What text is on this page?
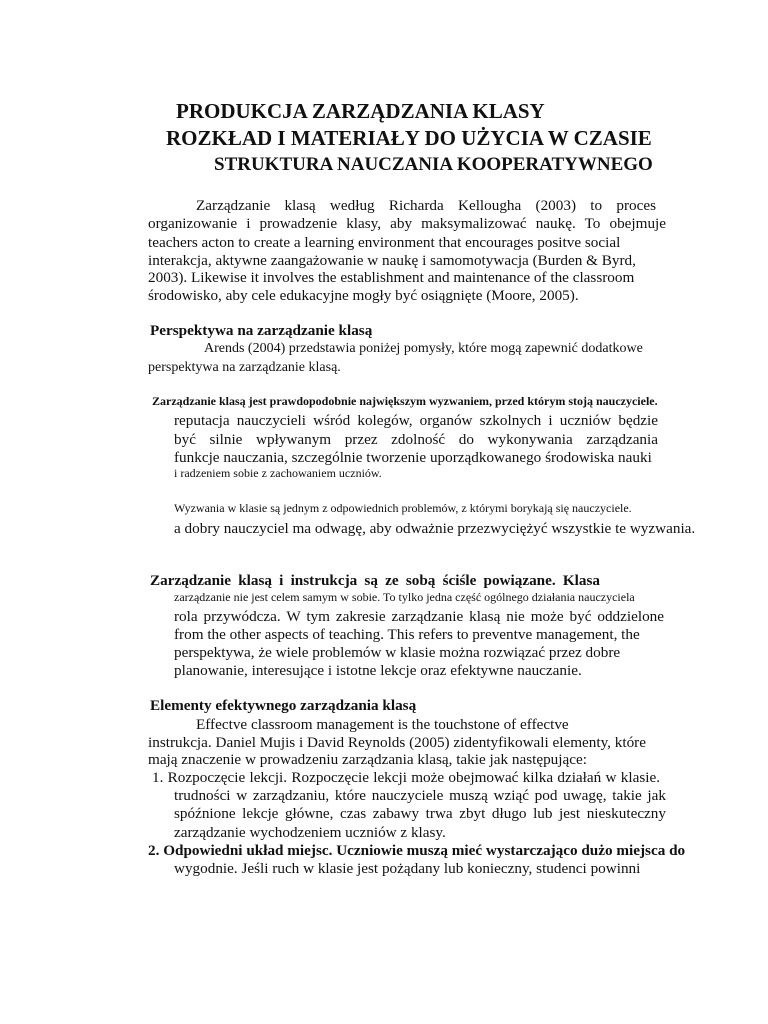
PRODUKCJA ZARZĄDZANIA KLASY
ROZKŁAD I MATERIAŁY DO UŻYCIA W CZASIE
STRUKTURA NAUCZANIA KOOPERATYWNEGO
Zarządzanie klasą według Richarda Kellougha (2003) to proces
organizowanie i prowadzenie klasy, aby maksymalizować naukę. To obejmuje
teachers acton to create a learning environment that encourages positve social
interakcja, aktywne zaangażowanie w naukę i samomotywacja (Burden & Byrd,
2003). Likewise it involves the establishment and maintenance of the classroom
środowisko, aby cele edukacyjne mogły być osiągnięte (Moore, 2005).
Perspektywa na zarządzanie klasą
Arends (2004) przedstawia poniżej pomysły, które mogą zapewnić dodatkowe
perspektywa na zarządzanie klasą.
Zarządzanie klasą jest prawdopodobnie największym wyzwaniem, przed którym stoją nauczyciele.
reputacja nauczycieli wśród kolegów, organów szkolnych i uczniów będzie
być silnie wpływanym przez zdolność do wykonywania zarządzania
funkcje nauczania, szczególnie tworzenie uporządkowanego środowiska nauki
i radzeniem sobie z zachowaniem uczniów.
Wyzwania w klasie są jednym z odpowiednich problemów, z którymi borykają się nauczyciele.
a dobry nauczyciel ma odwagę, aby odważnie przezwyciężyć wszystkie te wyzwania.
Zarządzanie klasą i instrukcja są ze sobą ściśle powiązane. Klasa
zarządzanie nie jest celem samym w sobie. To tylko jedna część ogólnego działania nauczyciela
rola przywódcza. W tym zakresie zarządzanie klasą nie może być oddzielone
from the other aspects of teaching. This refers to preventve management, the
perspektywa, że wiele problemów w klasie można rozwiązać przez dobre
planowanie, interesujące i istotne lekcje oraz efektywne nauczanie.
Elementy efektywnego zarządzania klasą
Effectve classroom management is the touchstone of effectve
instrukcja. Daniel Mujis i David Reynolds (2005) zidentyfikowali elementy, które
mają znaczenie w prowadzeniu zarządzania klasą, takie jak następujące:
1. Rozpoczęcie lekcji. Rozpoczęcie lekcji może obejmować kilka działań w klasie.
trudności w zarządzaniu, które nauczyciele muszą wziąć pod uwagę, takie jak
spóźnione lekcje główne, czas zabawy trwa zbyt długo lub jest nieskuteczny
zarządzanie wychodzeniem uczniów z klasy.
2. Odpowiedni układ miejsc. Uczniowie muszą mieć wystarczająco dużo miejsca do
wygodnie. Jeśli ruch w klasie jest pożądany lub konieczny, studenci powinni
